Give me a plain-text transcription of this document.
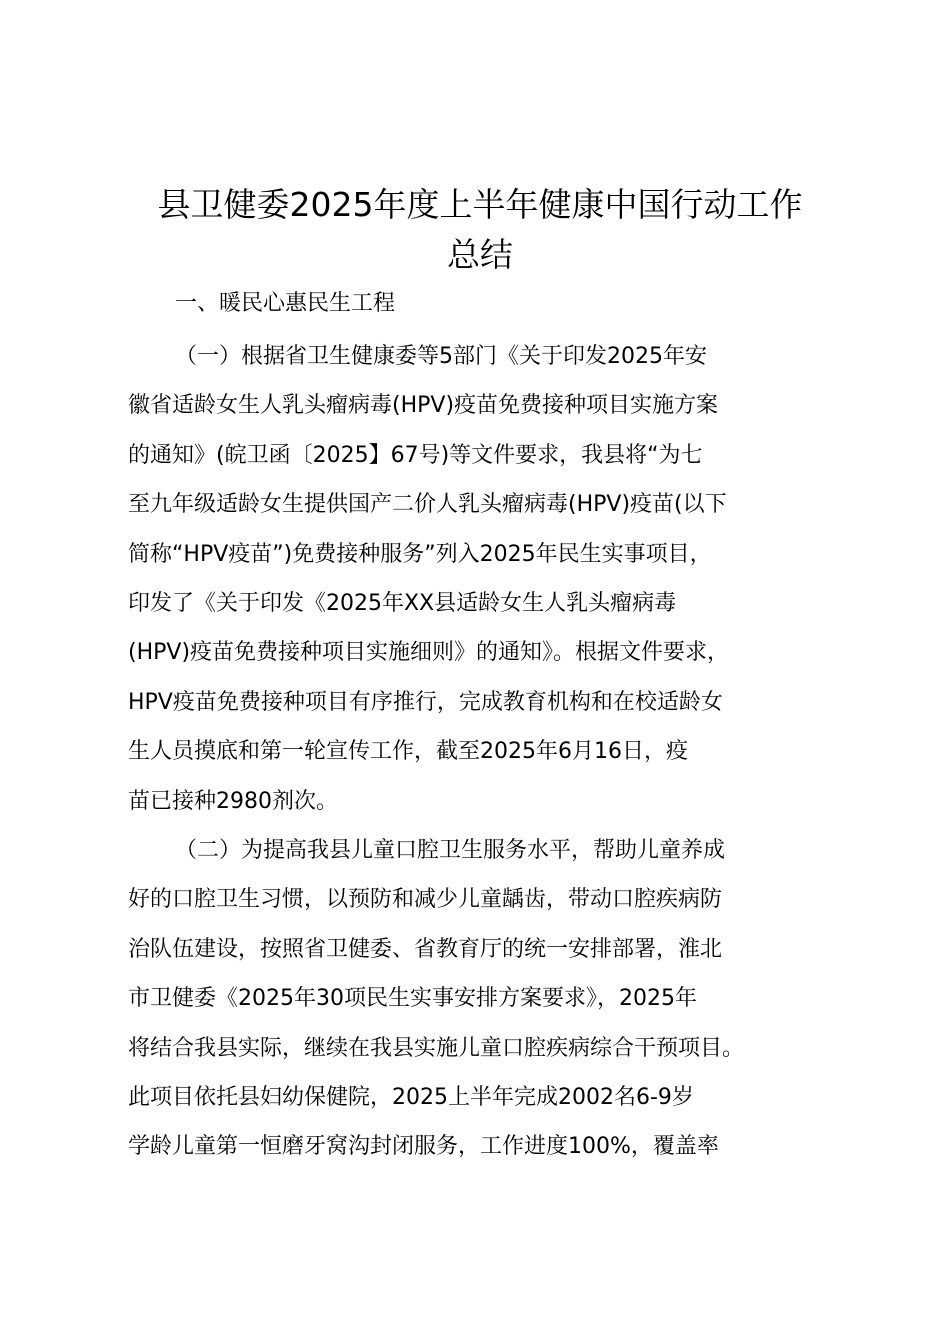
县卫健委2025年度上半年健康中国行动工作
总结

一、暖民心惠民生工程

（一）根据省卫生健康委等5部门《关于印发2025年安
徽省适龄女生人乳头瘤病毒(HPV)疫苗免费接种项目实施方案
的通知》(皖卫函〔2025】67号)等文件要求，我县将“为七
至九年级适龄女生提供国产二价人乳头瘤病毒(HPV)疫苗(以下
简称“HPV疫苗”)免费接种服务”列入2025年民生实事项目，
印发了《关于印发《2025年XX县适龄女生人乳头瘤病毒
(HPV)疫苗免费接种项目实施细则》的通知》。根据文件要求，
HPV疫苗免费接种项目有序推行，完成教育机构和在校适龄女
生人员摸底和第一轮宣传工作，截至2025年6月16日，疫
苗已接种2980剂次。
（二）为提高我县儿童口腔卫生服务水平，帮助儿童养成
好的口腔卫生习惯，以预防和减少儿童龋齿，带动口腔疾病防
治队伍建设，按照省卫健委、省教育厅的统一安排部署，淮北
市卫健委《2025年30项民生实事安排方案要求》，2025年
将结合我县实际，继续在我县实施儿童口腔疾病综合干预项目。
此项目依托县妇幼保健院，2025上半年完成2002名6-9岁
学龄儿童第一恒磨牙窝沟封闭服务，工作进度100%，覆盖率
